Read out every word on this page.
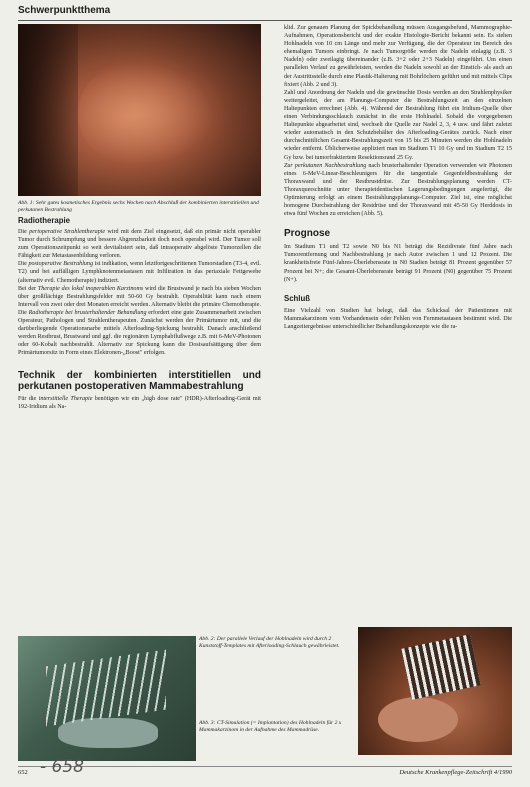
Schwerpunktthema
Abb. 1: Sehr gutes kosmetisches Ergebnis sechs Wochen nach Abschluß der kombinierten interstitiellen und perkutanen Bestrahlung
Radiotherapie

Die perioperative Strahlentherapie wird mit dem Ziel eingesetzt, daß ein primär nicht operabler Tumor durch Schrumpfung und bessere Abgrenzbarkeit doch noch operabel wird. Der Tumor soll zum Operationszeitpunkt so weit devitalisiert sein, daß intraoperativ abgelöste Tumorzellen die Fähigkeit zur Metastasenbildung verloren.

Die postoperative Bestrahlung ist indikation, wenn letztfortgeschrittenen Tumorstadien (T3-4, evtl. T2) und bei auffälligen Lymphknotenmetastasen mit Infiltration in das periaxiale Fettgewebe (alternativ evtl. Chemotherapie) indiziert.

Bei der Therapie des lokal inoperablen Karzinoms wird die Brustwand je nach bis sieben Wochen über großflächige Bestrahlungsfelder mit 50-60 Gy bestrahlt. Operabilität kann nach einem Intervall von zwei oder drei Monaten erreicht werden. Alternativ bleibt die primäre Chemotherapie.

Die Radiotherapie bei brusterhaltender Behandlung erfordert eine gute Zusammenarbeit zwischen Operateur, Pathologen und Strahlentherapeuten. Zunächst werden der Primärtumor mit, und die darüberliegende Operationsnarbe mittels Afterloading-Spickung bestrahlt. Danach anschließend werden Restbrust, Brustwand und ggf. die regionären Lymphabflußwege z.B. mit 6-MeV-Photonen oder 60-Kobalt nachbestrahlt. Alternativ zur Spickung kann die Dosisaufsättigung über dem Primärtumorsitz in Form eines Elektronen-„Boost" erfolgen.

Technik der kombinierten interstitiellen und perkutanen postoperativen Mammabestrahlung

Für die interstitielle Therapie benötigen wir ein „high dose rate" (HDR)-Afterloading-Gerät mit 192-Iridium als Na-

klid. Zur genauen Planung der Spickbehandlung müssen Ausgangsbefund, Mammographie-Aufnahmen, Operationsbericht und der exakte Histologie-Bericht bekannt sein. Es stehen Hohlnadeln von 10 cm Länge und mehr zur Verfügung, die der Operateur im Bereich des ehemaligen Tumors einbringt. Je nach Tumorgröße werden die Nadeln einlagig (z.B. 3 Nadeln) oder zweilagig übereinander (z.B. 3+2 oder 2+3 Nadeln) eingeführt. Um einen parallelen Verlauf zu gewährleisten, werden die Nadeln sowohl an der Einstich- als auch an der Austrittsstelle durch eine Plastik-Halterung mit Bohrlöchern geführt und mit mittels Clips fixiert (Abb. 2 und 3).

Zahl und Anordnung der Nadeln und die gewünschte Dosis werden an den Strahlenphysiker weitergeleitet, der am Planungs-Computer die Bestrahlungszeit an den einzelnen Haltepunkten errechnet (Abb. 4). Während der Bestrahlung führt ein Iridium-Quelle über einen Verbindungsschlauch zunächst in die erste Hohlnadel. Sobald die vorgegebenen Haltepunkte abgearbeitet sind, wechselt die Quelle zur Nadel 2, 3, 4 usw. und fährt zuletzt wieder automatisch in den Schutzbehälter des Afterloading-Gerätes zurück. Nach einer durchschnittlichen Gesamt-Bestrahlungszeit von 15 bis 25 Minuten werden die Hohlnadeln wieder entfernt. Üblicherweise appliziert man im Stadium T1 10 Gy und im Stadium T2 15 Gy bzw. bei tumorfraktiertem Resektionsrand 25 Gy.

Zur perkutanen Nachbestrahlung nach brusterhaltender Operation verwenden wir Photonen eines 6-MeV-Linear-Beschleunigers für die tangentiale Gegenfeldbestrahlung der Thoraxwand und der Restbrustdrüse. Zur Bestrahlungsplanung werden CT-Thoraxquerschnitte unter therapieidentischen Lagerungsbedingungen angefertigt, die Optimierung erfolgt an einem Bestrahlungsplanungs-Computer. Ziel ist, eine möglichst homogene Durchstrahlung der Restdrüse und der Thoraxwand mit 45-50 Gy Herddosis in etwa fünf Wochen zu erreichen (Abb. 5).

Prognose

Im Stadium T1 und T2 sowie N0 bis N1 beträgt die Rezidivrate fünf Jahre nach Tumorentfernung und Nachbestrahlung je nach Autor zwischen 1 und 12 Prozent. Die krankheitsfreie Fünf-Jahres-Überlebensrate in N0 Stadien beträgt 81 Prozent gegenüber 57 Prozent bei N+; die Gesamt-Überlebensrate beträgt 91 Prozent (N0) gegenüber 75 Prozent (N+).

Schluß

Eine Vielzahl von Studien hat belegt, daß das Schicksal der Patientinnen mit Mammakarzinom vom Vorhandensein oder Fehlen von Fernmetastasen bestimmt wird. Die Langzeitergebnisse unterschiedlicher Behandlungskonzepte wie die ra-

Abb. 2: Der parallele Verlauf der Hohlnadeln wird durch 2 Kunststoff-Templates mit Afterloading-Schlauch gewährleistet.
Abb. 3: CT-Simulation (= Implantation) des Hohlnadeln für 2 x Mammakarzinom in der Aufnahme des Mammadrüse.
652 - 658	Deutsche Krankenpflege-Zeitschrift 4/1990
